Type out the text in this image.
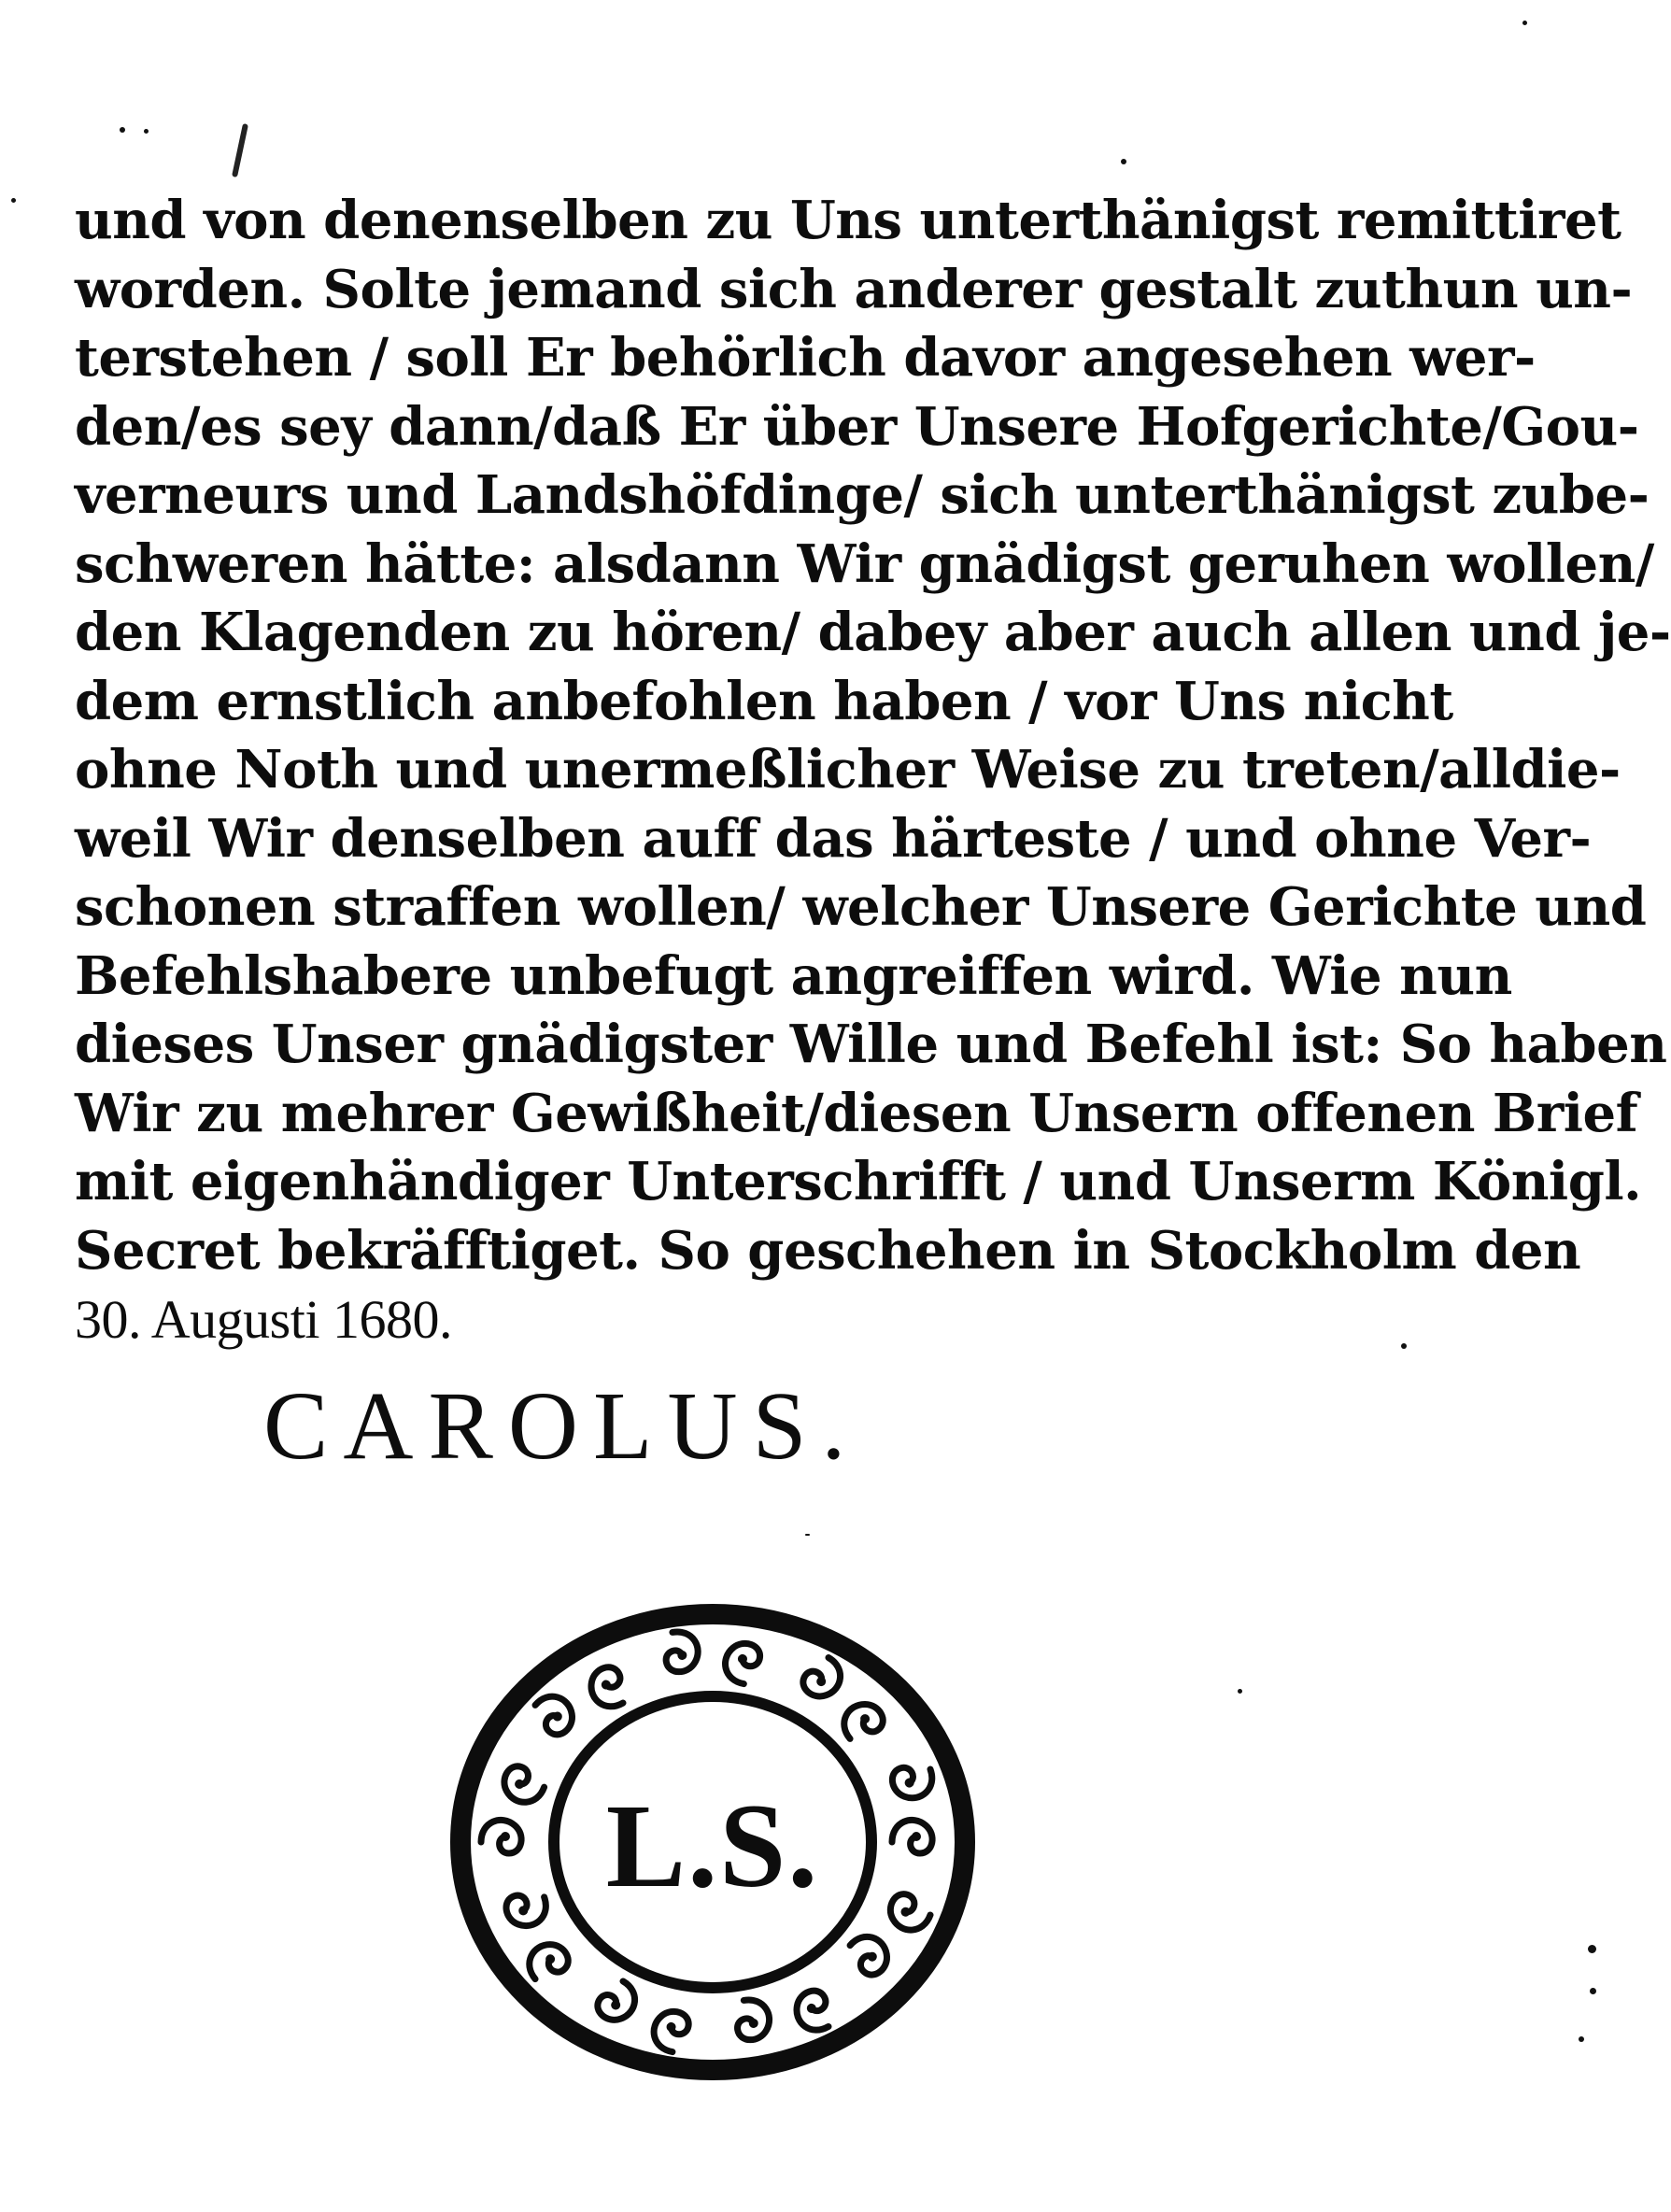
und von denenselben zu Uns unterthänigst remittiret
worden. Solte jemand sich anderer gestalt zuthun un-
terstehen / soll Er behörlich davor angesehen wer-
den/es sey dann/daß Er über Unsere Hofgerichte/Gou-
verneurs und Landshöfdinge/ sich unterthänigst zube-
schweren hätte: alsdann Wir gnädigst geruhen wollen/
den Klagenden zu hören/ dabey aber auch allen und je-
dem ernstlich anbefohlen haben / vor Uns nicht
ohne Noth und unermeßlicher Weise zu treten/alldie-
weil Wir denselben auff das härteste / und ohne Ver-
schonen straffen wollen/ welcher Unsere Gerichte und
Befehlshabere unbefugt angreiffen wird. Wie nun
dieses Unser gnädigster Wille und Befehl ist: So haben
Wir zu mehrer Gewißheit/diesen Unsern offenen Brief
mit eigenhändiger Unterschrifft / und Unserm Königl.
Secret bekräfftiget. So geschehen in Stockholm den
30. Augusti 1680.
CAROLUS.
L.S.
